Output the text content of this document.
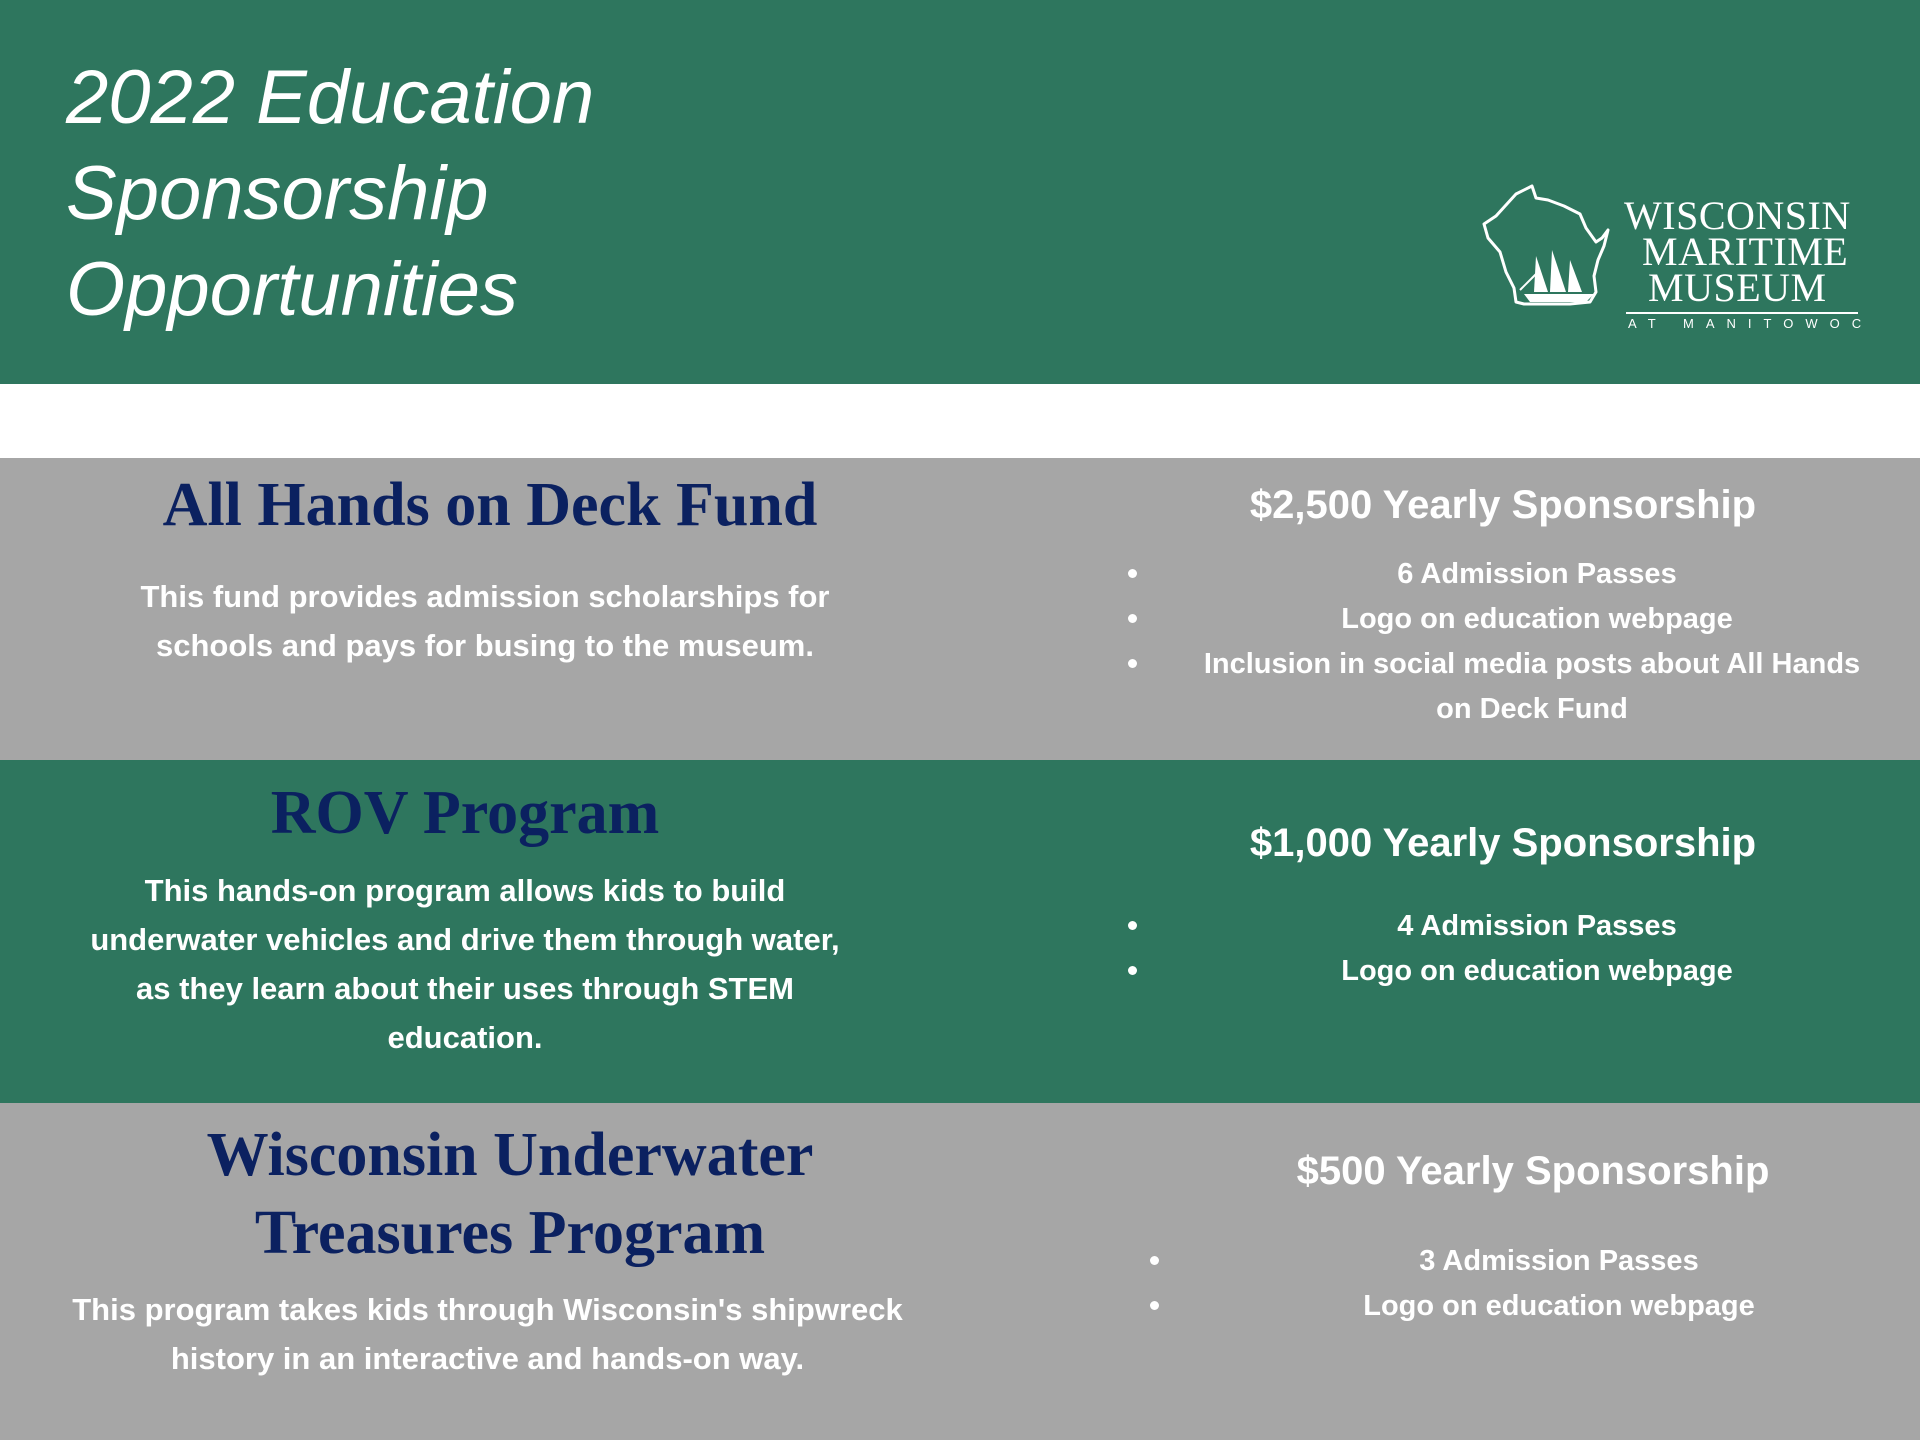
2022 Education
Sponsorship
Opportunities
WISCONSIN
MARITIME
MUSEUM
AT MANITOWOC
All Hands on Deck Fund
This fund provides admission scholarships for schools and pays for busing to the museum.
$2,500 Yearly Sponsorship
6 Admission Passes
Logo on education webpage
Inclusion in social media posts about All Hands on Deck Fund
ROV Program
This hands-on program allows kids to build underwater vehicles and drive them through water, as they learn about their uses through STEM education.
$1,000 Yearly Sponsorship
4 Admission Passes
Logo on education webpage
Wisconsin Underwater Treasures Program
This program takes kids through Wisconsin's shipwreck history in an interactive and hands-on way.
$500 Yearly Sponsorship
3 Admission Passes
Logo on education webpage
